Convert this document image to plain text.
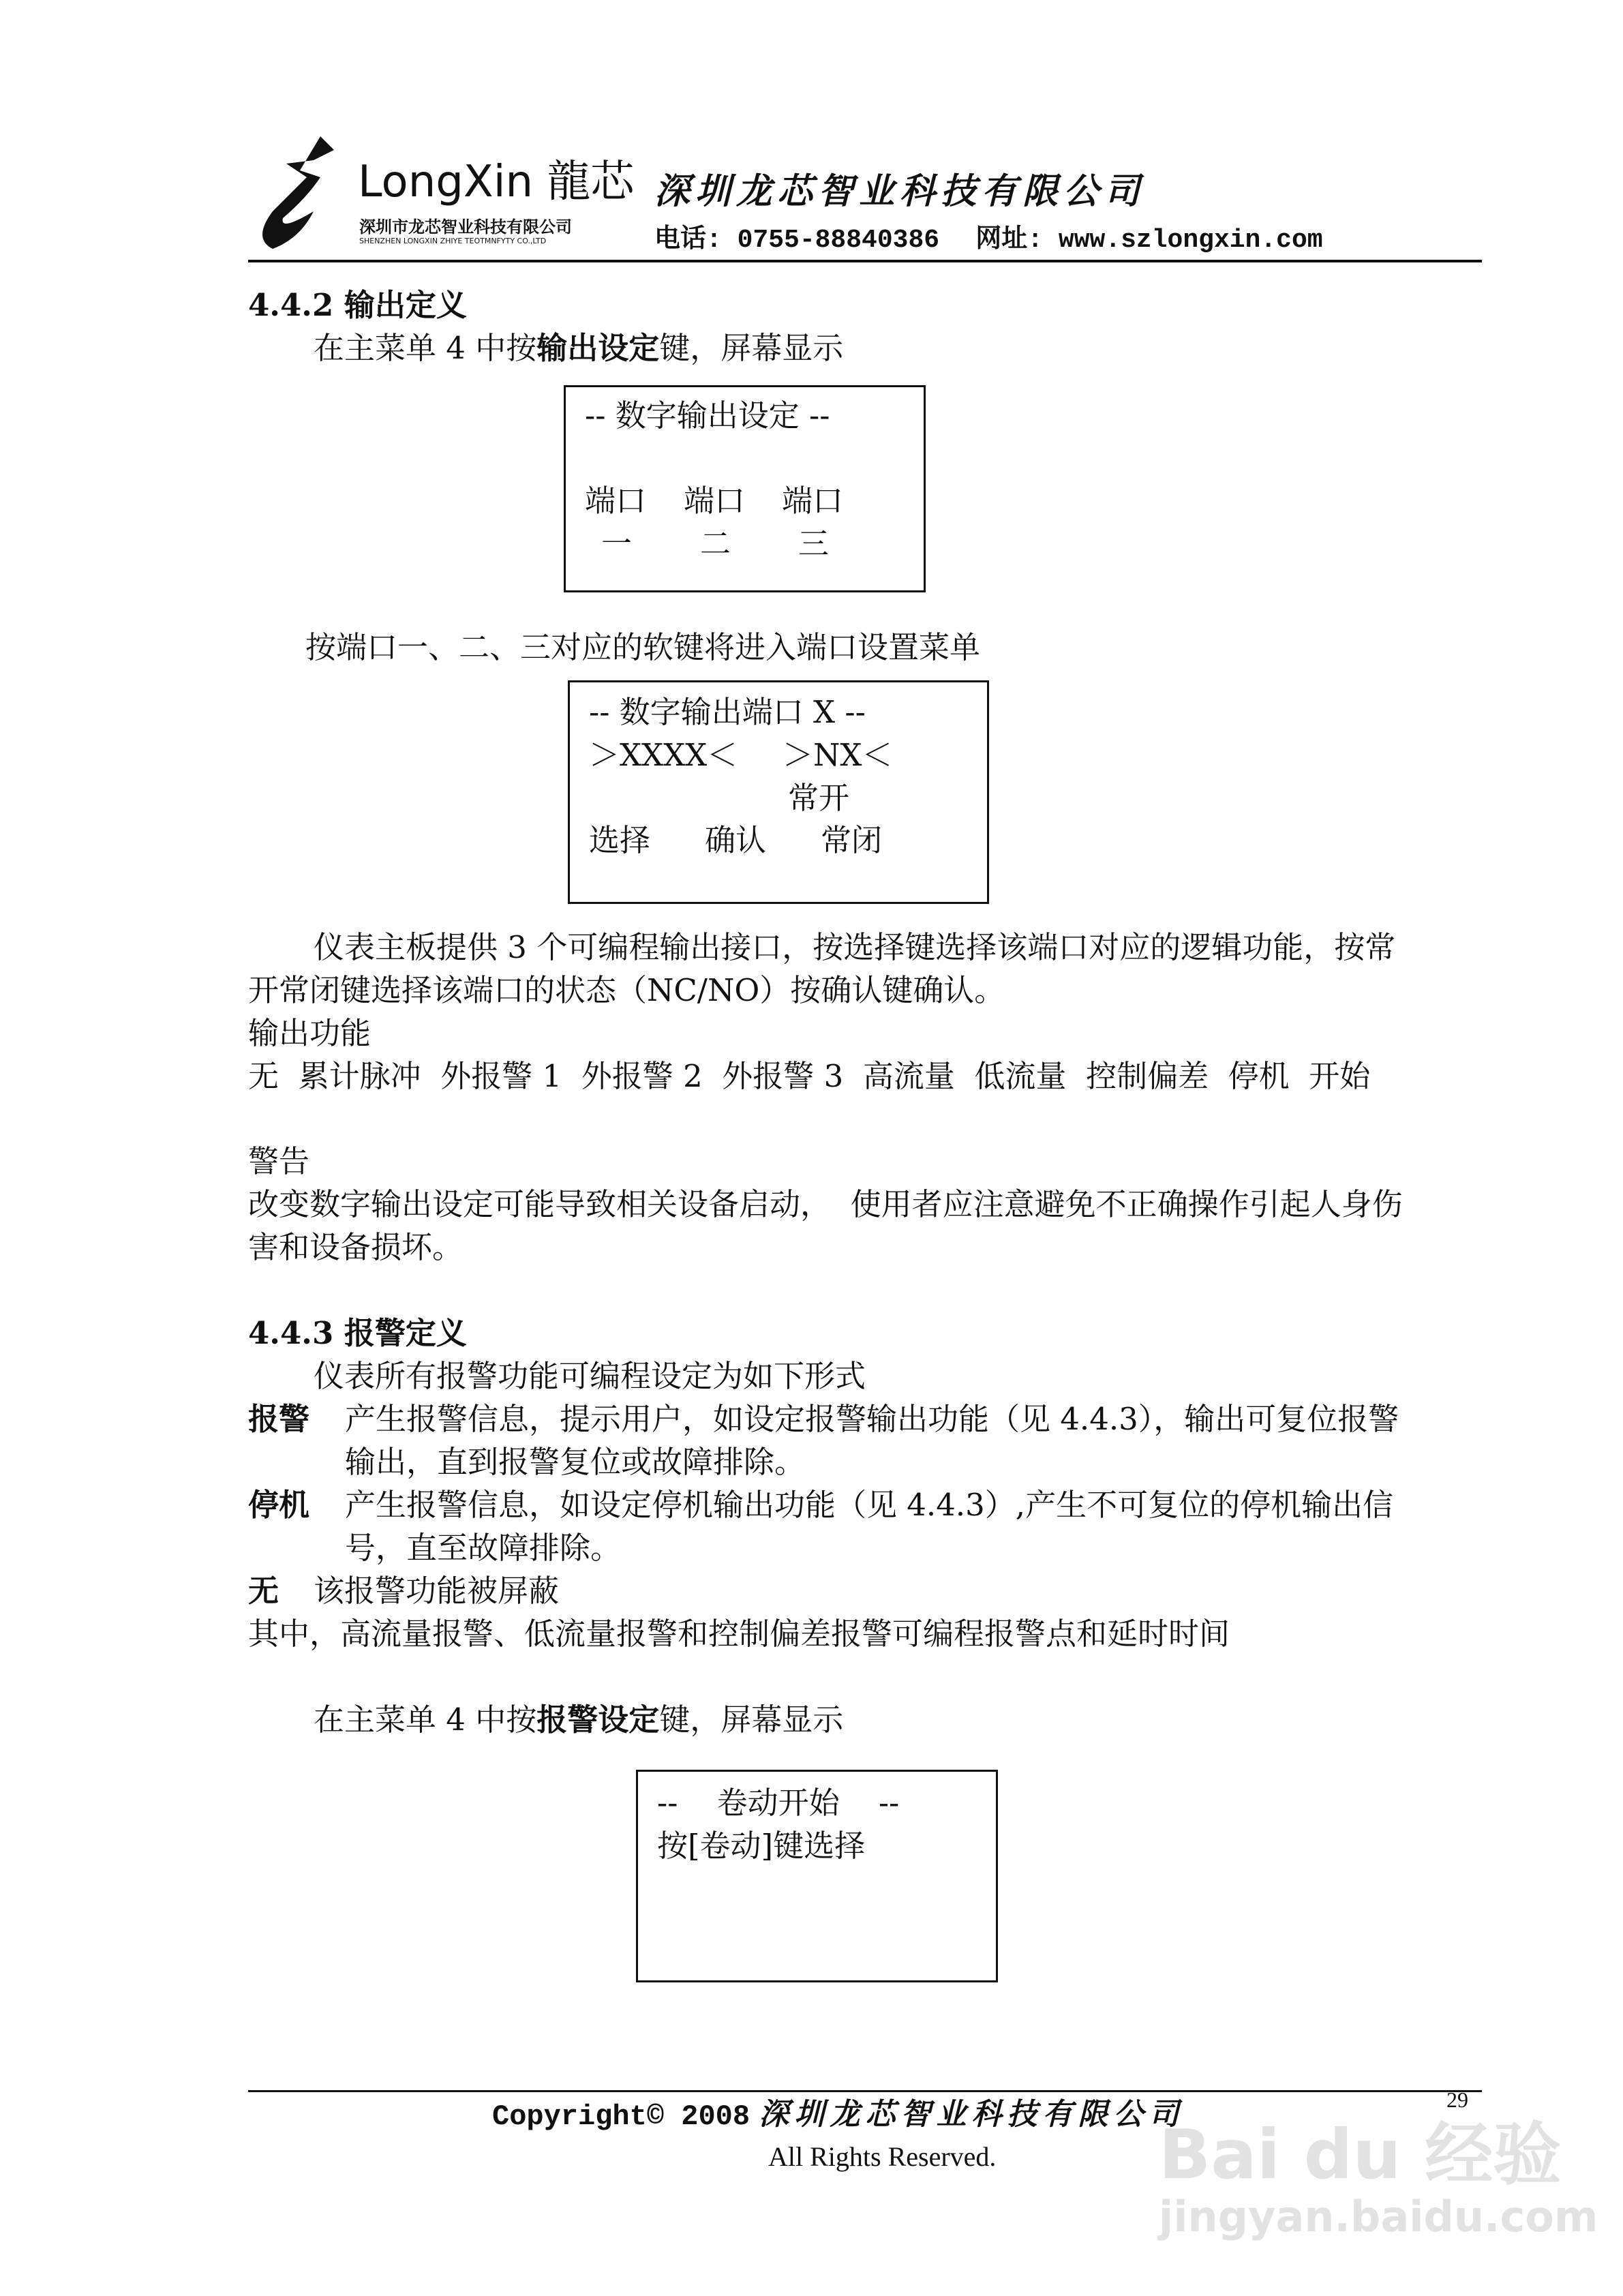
LongXin 龍芯
深圳市龙芯智业科技有限公司
SHENZHEN LONGXIN ZHIYE TEOTMNFYTY CO.,LTD
深圳龙芯智业科技有限公司
电话: 0755-88840386 网址: www.szlongxin.com
4.4.2 输出定义
在主菜单 4 中按输出设定键，屏幕显示
-- 数字输出设定 --
端口 端口 端口
一 二 三
按端口一、二、三对应的软键将进入端口设置菜单
-- 数字输出端口 X --
＞XXXX＜ ＞NX＜
常开
选择 确认 常闭
仪表主板提供 3 个可编程输出接口，按选择键选择该端口对应的逻辑功能，按常
开常闭键选择该端口的状态（NC/NO）按确认键确认。
输出功能
无  累计脉冲  外报警 1  外报警 2  外报警 3  高流量  低流量  控制偏差  停机  开始
警告
改变数字输出设定可能导致相关设备启动，  使用者应注意避免不正确操作引起人身伤
害和设备损坏。
4.4.3 报警定义
仪表所有报警功能可编程设定为如下形式
报警 产生报警信息，提示用户，如设定报警输出功能（见 4.4.3），输出可复位报警
输出，直到报警复位或故障排除。
停机 产生报警信息，如设定停机输出功能（见 4.4.3）,产生不可复位的停机输出信
号，直至故障排除。
无 该报警功能被屏蔽
其中，高流量报警、低流量报警和控制偏差报警可编程报警点和延时时间
在主菜单 4 中按报警设定键，屏幕显示
--    卷动开始    --
按[卷动]键选择
Copyright© 2008 深圳龙芯智业科技有限公司
All Rights Reserved.
29
Bai du 经验
jingyan.baidu.com
